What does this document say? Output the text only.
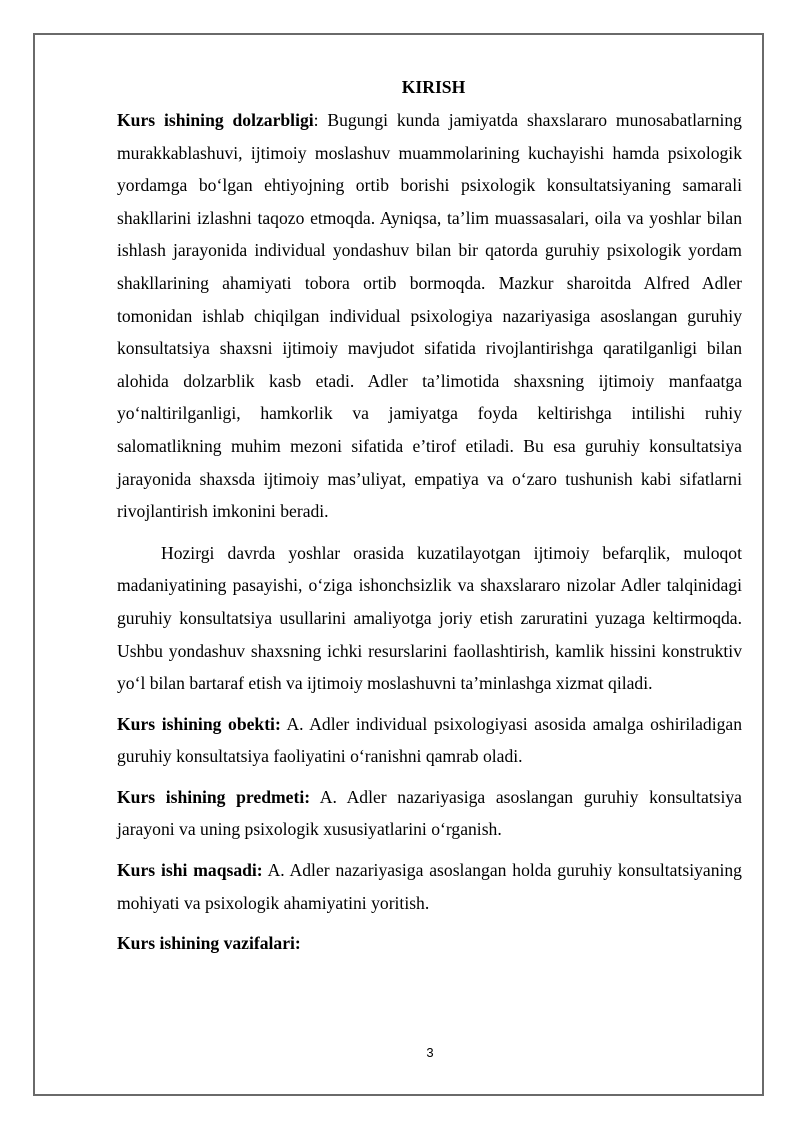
KIRISH

Kurs ishining dolzarbligi: Bugungi kunda jamiyatda shaxslararo munosabatlarning murakkablashuvi, ijtimoiy moslashuv muammolarining kuchayishi hamda psixologik yordamga bo‘lgan ehtiyojning ortib borishi psixologik konsultatsiyaning samarali shakllarini izlashni taqozo etmoqda. Ayniqsa, ta’lim muassasalari, oila va yoshlar bilan ishlash jarayonida individual yondashuv bilan bir qatorda guruhiy psixologik yordam shakllarining ahamiyati tobora ortib bormoqda. Mazkur sharoitda Alfred Adler tomonidan ishlab chiqilgan individual psixologiya nazariyasiga asoslangan guruhiy konsultatsiya shaxsni ijtimoiy mavjudot sifatida rivojlantirishga qaratilganligi bilan alohida dolzarblik kasb etadi. Adler ta’limotida shaxsning ijtimoiy manfaatga yo‘naltirilganligi, hamkorlik va jamiyatga foyda keltirishga intilishi ruhiy salomatlikning muhim mezoni sifatida e’tirof etiladi. Bu esa guruhiy konsultatsiya jarayonida shaxsda ijtimoiy mas’uliyat, empatiya va o‘zaro tushunish kabi sifatlarni rivojlantirish imkonini beradi.

Hozirgi davrda yoshlar orasida kuzatilayotgan ijtimoiy befarqlik, muloqot madaniyatining pasayishi, o‘ziga ishonchsizlik va shaxslararo nizolar Adler talqinidagi guruhiy konsultatsiya usullarini amaliyotga joriy etish zaruratini yuzaga keltirmoqda. Ushbu yondashuv shaxsning ichki resurslarini faollashtirish, kamlik hissini konstruktiv yo‘l bilan bartaraf etish va ijtimoiy moslashuvni ta’minlashga xizmat qiladi.

Kurs ishining obekti: A. Adler individual psixologiyasi asosida amalga oshiriladigan guruhiy konsultatsiya faoliyatini o‘ranishni qamrab oladi.

Kurs ishining predmeti: A. Adler nazariyasiga asoslangan guruhiy konsultatsiya jarayoni va uning psixologik xususiyatlarini o‘rganish.

Kurs ishi maqsadi: A. Adler nazariyasiga asoslangan holda guruhiy konsultatsiyaning mohiyati va psixologik ahamiyatini yoritish.

Kurs ishining vazifalari:

3
